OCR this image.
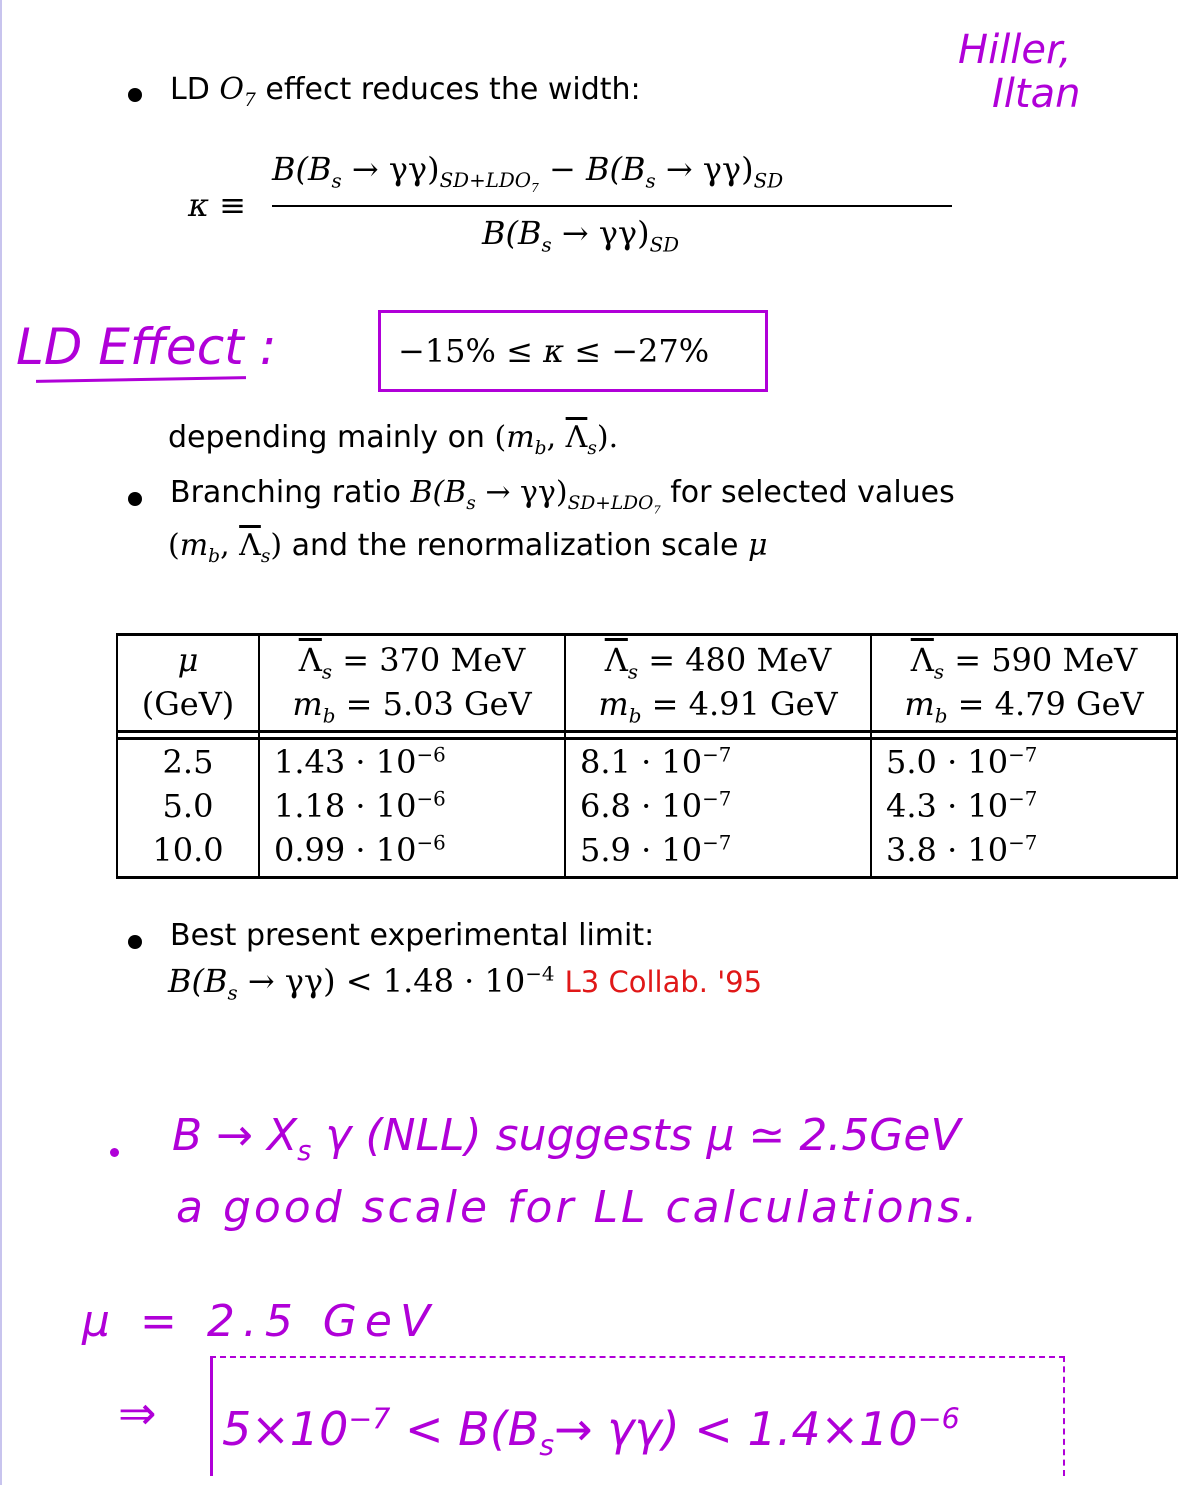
Hiller,
Iltan
LD $O_7$ effect reduces the width:
κ ≡
$B(B_s \to \gamma\gamma)_{SD+LDO_7} - B(B_s \to \gamma\gamma)_{SD}$
$B(B_s \to \gamma\gamma)_{SD}$
LD Effect :	−15% ≤ κ ≤ −27%
depending mainly on ($m_b$, $\overline{\Lambda}_s$).
Branching ratio $B(B_s \to \gamma\gamma)_{SD+LDO_7}$ for selected values
($m_b$, $\overline{\Lambda}_s$) and the renormalization scale μ
μ	$\overline{\Lambda}_s = 370$ MeV	$\overline{\Lambda}_s = 480$ MeV	$\overline{\Lambda}_s = 590$ MeV
(GeV)	$m_b = 5.03$ GeV	$m_b = 4.91$ GeV	$m_b = 4.79$ GeV

2.5	$1.43 \cdot 10^{-6}$	$8.1 \cdot 10^{-7}$	$5.0 \cdot 10^{-7}$
5.0	$1.18 \cdot 10^{-6}$	$6.8 \cdot 10^{-7}$	$4.3 \cdot 10^{-7}$
10.0	$0.99 \cdot 10^{-6}$	$5.9 \cdot 10^{-7}$	$3.8 \cdot 10^{-7}$
Best present experimental limit:
$B(B_s \to \gamma\gamma) < 1.48 \cdot 10^{-4}$ L3 Collab. '95
$B \to X_s$ γ (NLL) suggests μ ≃ 2.5GeV
a good scale for LL calculations.
μ = 2.5 GeV
⇒ $5\times 10^{-7} < B(B_s\to \gamma\gamma) < 1.4\times 10^{-6}$
